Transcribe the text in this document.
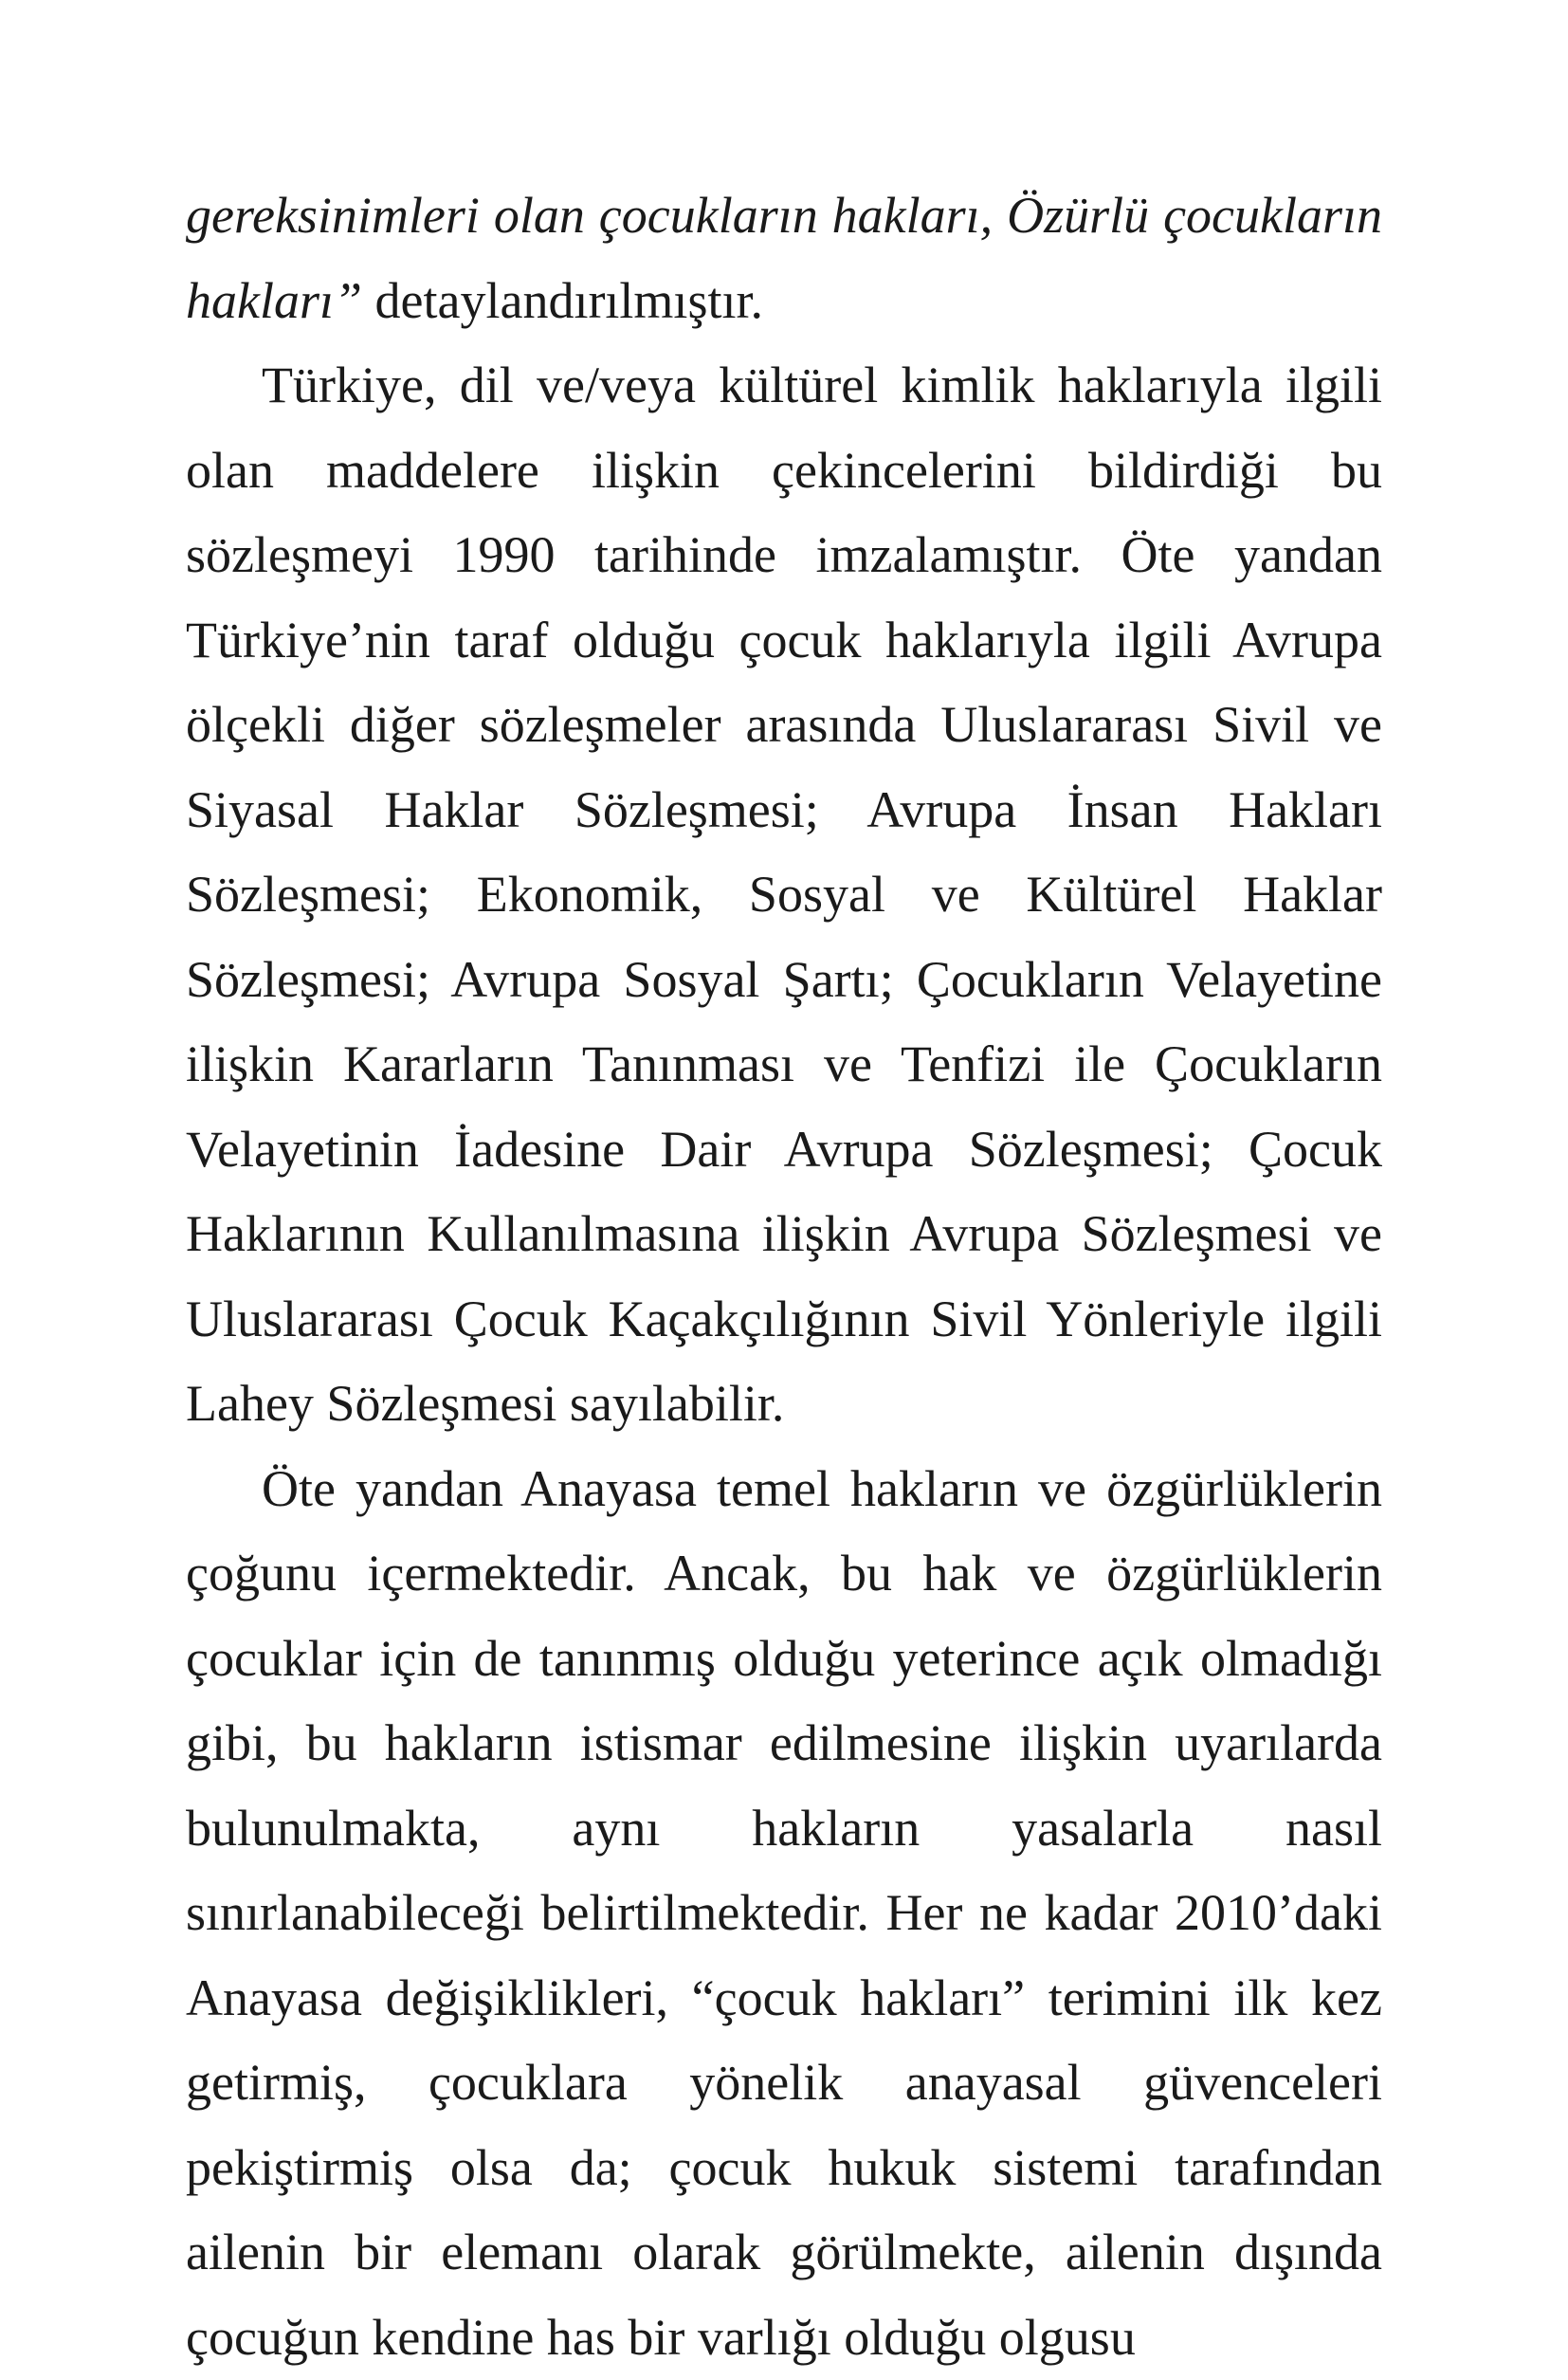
gereksinimleri olan çocukların hakları, Özürlü çocukların hakları” detaylandırılmıştır.

Türkiye, dil ve/veya kültürel kimlik haklarıyla ilgili olan maddelere ilişkin çekincelerini bildirdiği bu sözleşmeyi 1990 tarihinde imzalamıştır. Öte yandan Türkiye’nin taraf olduğu çocuk haklarıyla ilgili Avrupa ölçekli diğer sözleşmeler arasında Uluslararası Sivil ve Siyasal Haklar Sözleşmesi; Avrupa İnsan Hakları Sözleşmesi; Ekonomik, Sosyal ve Kültürel Haklar Sözleşmesi; Avrupa Sosyal Şartı; Çocukların Velayetine ilişkin Kararların Tanınması ve Tenfizi ile Çocukların Velayetinin İadesine Dair Avrupa Sözleşmesi; Çocuk Haklarının Kullanılmasına ilişkin Avrupa Sözleşmesi ve Uluslararası Çocuk Kaçakçılığının Sivil Yönleriyle ilgili Lahey Sözleşmesi sayılabilir.

Öte yandan Anayasa temel hakların ve özgürlüklerin çoğunu içermektedir. Ancak, bu hak ve özgürlüklerin çocuklar için de tanınmış olduğu yeterince açık olmadığı gibi, bu hakların istismar edilmesine ilişkin uyarılarda bulunulmakta, aynı hakların yasalarla nasıl sınırlanabileceği belirtilmektedir. Her ne kadar 2010’daki Anayasa değişiklikleri, “çocuk hakları” terimini ilk kez getirmiş, çocuklara yönelik anayasal güvenceleri pekiştirmiş olsa da; çocuk hukuk sistemi tarafından ailenin bir elemanı olarak görülmekte, ailenin dışında çocuğun kendine has bir varlığı olduğu olgusu
